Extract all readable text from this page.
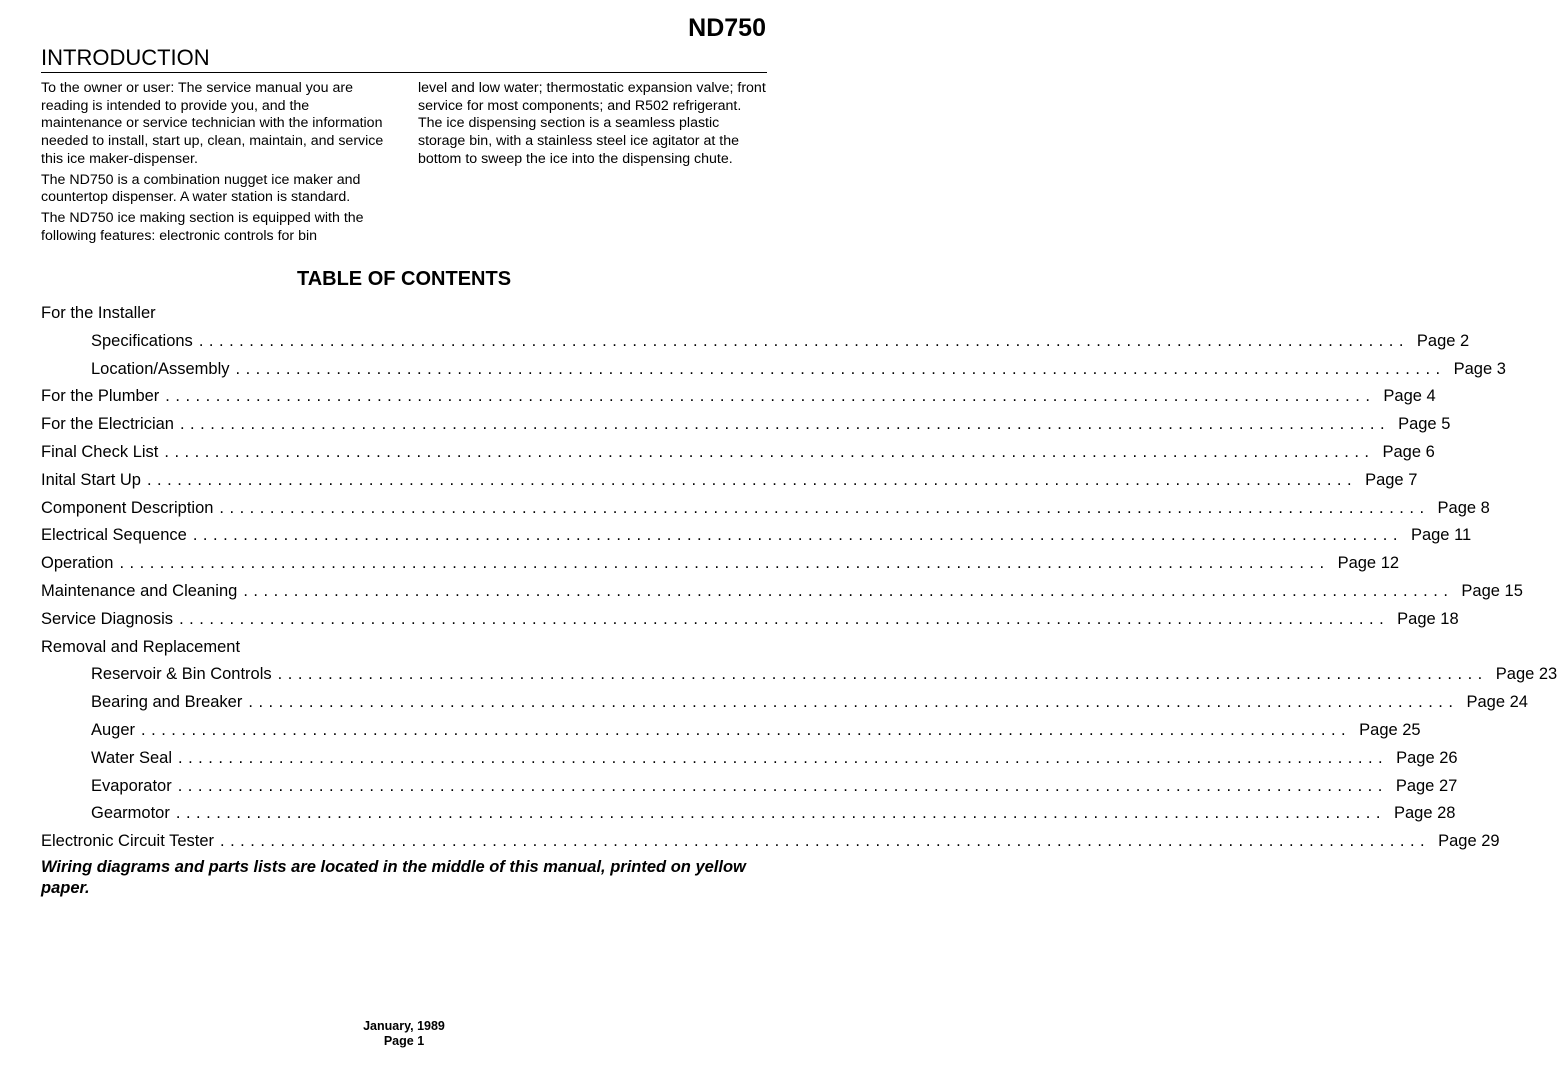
ND750
INTRODUCTION

To the owner or user: The service manual you are reading is intended to provide you, and the maintenance or service technician with the information needed to install, start up, clean, maintain, and service this ice maker-dispenser.

The ND750 is a combination nugget ice maker and countertop dispenser. A water station is standard.

The ND750 ice making section is equipped with the following features: electronic controls for bin

level and low water; thermostatic expansion valve; front service for most components; and R502 refrigerant. The ice dispensing section is a seamless plastic storage bin, with a stainless steel ice agitator at the bottom to sweep the ice into the dispensing chute.

TABLE OF CONTENTS
For the Installer
Specifications ........................................................................................................................ Page 2
Location/Assembly ........................................................................................................................ Page 3
For the Plumber ........................................................................................................................ Page 4
For the Electrician ........................................................................................................................ Page 5
Final Check List ........................................................................................................................ Page 6
Inital Start Up ........................................................................................................................ Page 7
Component Description ........................................................................................................................ Page 8
Electrical Sequence ........................................................................................................................ Page 11
Operation ........................................................................................................................ Page 12
Maintenance and Cleaning ........................................................................................................................ Page 15
Service Diagnosis ........................................................................................................................ Page 18
Removal and Replacement
Reservoir & Bin Controls ........................................................................................................................ Page 23
Bearing and Breaker ........................................................................................................................ Page 24
Auger ........................................................................................................................ Page 25
Water Seal ........................................................................................................................ Page 26
Evaporator ........................................................................................................................ Page 27
Gearmotor ........................................................................................................................ Page 28
Electronic Circuit Tester ........................................................................................................................ Page 29
Wiring diagrams and parts lists are located in the middle of this manual, printed on yellow paper.
January, 1989
Page 1
